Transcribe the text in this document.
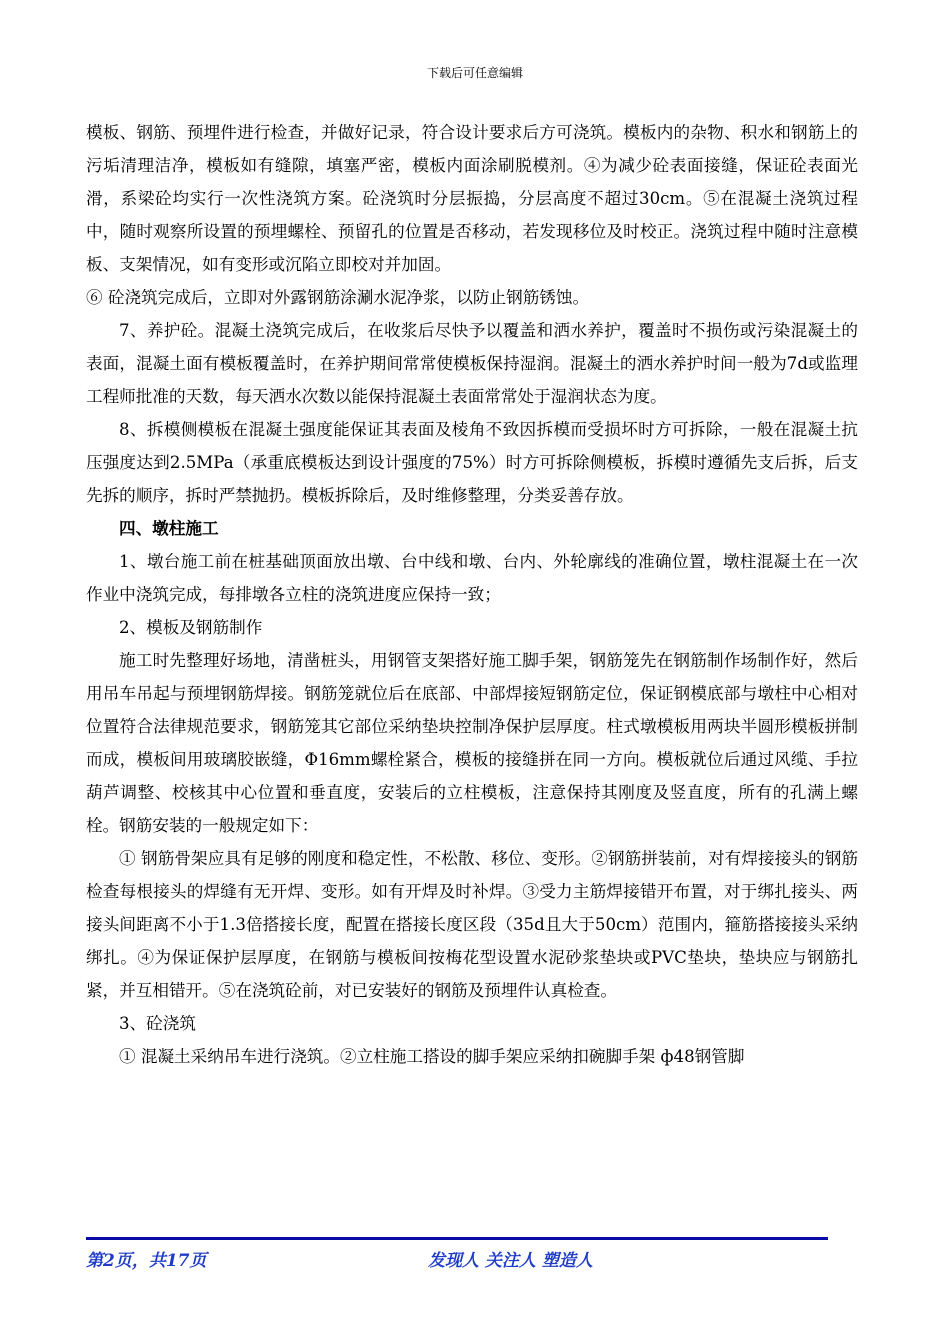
下载后可任意编辑

模板、钢筋、预埋件进行检查，并做好记录，符合设计要求后方可浇筑。模板内的杂物、积水和钢筋上的污垢清理洁净，模板如有缝隙，填塞严密，模板内面涂刷脱模剂。④为减少砼表面接缝，保证砼表面光滑，系梁砼均实行一次性浇筑方案。砼浇筑时分层振捣，分层高度不超过30cm。⑤在混凝土浇筑过程中，随时观察所设置的预埋螺栓、预留孔的位置是否移动，若发现移位及时校正。浇筑过程中随时注意模板、支架情况，如有变形或沉陷立即校对并加固。

⑥ 砼浇筑完成后，立即对外露钢筋涂涮水泥净浆，以防止钢筋锈蚀。

7、养护砼。混凝土浇筑完成后，在收浆后尽快予以覆盖和洒水养护，覆盖时不损伤或污染混凝土的表面，混凝土面有模板覆盖时，在养护期间常常使模板保持湿润。混凝土的洒水养护时间一般为7d或监理工程师批准的天数，每天洒水次数以能保持混凝土表面常常处于湿润状态为度。

8、拆模侧模板在混凝土强度能保证其表面及棱角不致因拆模而受损坏时方可拆除，一般在混凝土抗压强度达到2.5MPa（承重底模板达到设计强度的75%）时方可拆除侧模板，拆模时遵循先支后拆，后支先拆的顺序，拆时严禁抛扔。模板拆除后，及时维修整理，分类妥善存放。

四、墩柱施工

1、墩台施工前在桩基础顶面放出墩、台中线和墩、台内、外轮廓线的准确位置，墩柱混凝土在一次作业中浇筑完成，每排墩各立柱的浇筑进度应保持一致；

2、模板及钢筋制作

施工时先整理好场地，清凿桩头，用钢管支架搭好施工脚手架，钢筋笼先在钢筋制作场制作好，然后用吊车吊起与预埋钢筋焊接。钢筋笼就位后在底部、中部焊接短钢筋定位，保证钢模底部与墩柱中心相对位置符合法律规范要求，钢筋笼其它部位采纳垫块控制净保护层厚度。柱式墩模板用两块半圆形模板拼制而成，模板间用玻璃胶嵌缝，Φ16mm螺栓紧合，模板的接缝拼在同一方向。模板就位后通过风缆、手拉葫芦调整、校核其中心位置和垂直度，安装后的立柱模板，注意保持其刚度及竖直度，所有的孔满上螺栓。钢筋安装的一般规定如下：

① 钢筋骨架应具有足够的刚度和稳定性，不松散、移位、变形。②钢筋拼装前，对有焊接接头的钢筋检查每根接头的焊缝有无开焊、变形。如有开焊及时补焊。③受力主筋焊接错开布置，对于绑扎接头、两接头间距离不小于1.3倍搭接长度，配置在搭接长度区段（35d且大于50cm）范围内，箍筋搭接接头采纳绑扎。④为保证保护层厚度，在钢筋与模板间按梅花型设置水泥砂浆垫块或PVC垫块，垫块应与钢筋扎紧，并互相错开。⑤在浇筑砼前，对已安装好的钢筋及预埋件认真检查。

3、砼浇筑

① 混凝土采纳吊车进行浇筑。②立柱施工搭设的脚手架应采纳扣碗脚手架 ф48钢管脚

第2页，共17页	发现人 关注人 塑造人
